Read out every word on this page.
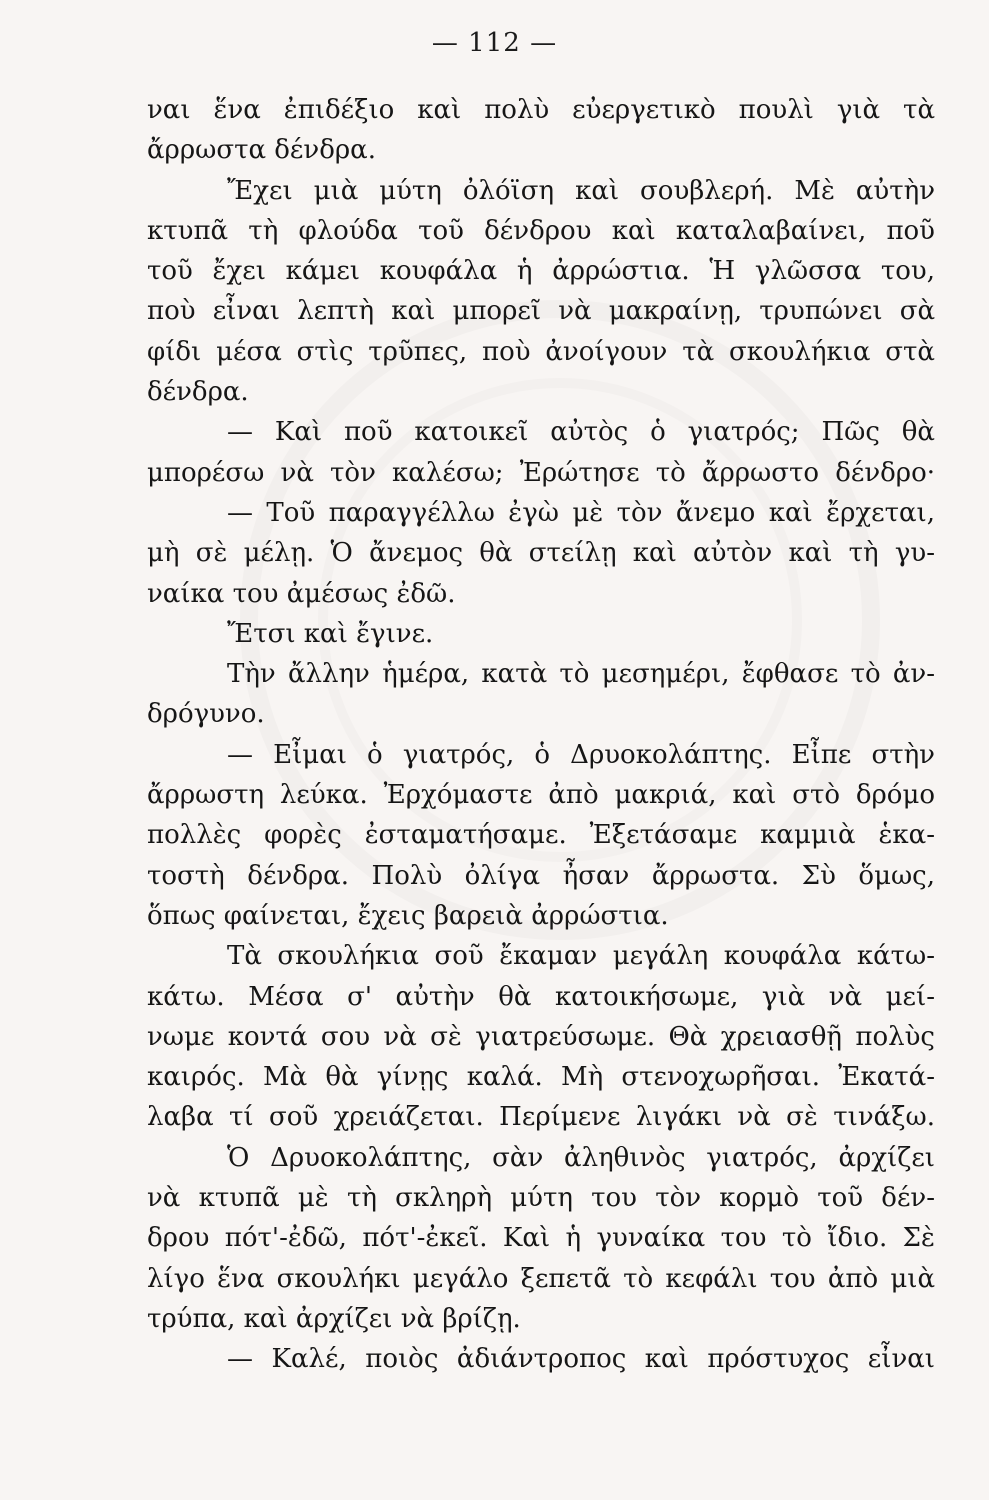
— 112 —
ναι ἕνα ἐπιδέξιο καὶ πολὺ εὐεργετικὸ πουλὶ γιὰ τὰ
ἄρρωστα δένδρα.
Ἔχει μιὰ μύτη ὀλόϊση καὶ σουβλερή. Μὲ αὐτὴν
κτυπᾶ τὴ φλούδα τοῦ δένδρου καὶ καταλαβαίνει, ποῦ
τοῦ ἔχει κάμει κουφάλα ἡ ἀρρώστια. Ἡ γλῶσσα του,
ποὺ εἶναι λεπτὴ καὶ μπορεῖ νὰ μακραίνῃ, τρυπώνει σὰ
φίδι μέσα στὶς τρῦπες, ποὺ ἀνοίγουν τὰ σκουλήκια στὰ
δένδρα.
— Καὶ ποῦ κατοικεῖ αὐτὸς ὁ γιατρός; Πῶς θὰ
μπορέσω νὰ τὸν καλέσω; Ἐρώτησε τὸ ἄρρωστο δένδρο·
— Τοῦ παραγγέλλω ἐγὼ μὲ τὸν ἄνεμο καὶ ἔρχεται,
μὴ σὲ μέλῃ. Ὁ ἄνεμος θὰ στείλῃ καὶ αὐτὸν καὶ τὴ γυ-
ναίκα του ἀμέσως ἐδῶ.
Ἔτσι καὶ ἔγινε.
Τὴν ἄλλην ἡμέρα, κατὰ τὸ μεσημέρι, ἔφθασε τὸ ἀν-
δρόγυνο.
— Εἶμαι ὁ γιατρός, ὁ Δρυοκολάπτης. Εἶπε στὴν
ἄρρωστη λεύκα. Ἐρχόμαστε ἀπὸ μακριά, καὶ στὸ δρόμο
πολλὲς φορὲς ἐσταματήσαμε. Ἐξετάσαμε καμμιὰ ἑκα-
τοστὴ δένδρα. Πολὺ ὀλίγα ἦσαν ἄρρωστα. Σὺ ὅμως,
ὅπως φαίνεται, ἔχεις βαρειὰ ἀρρώστια.
Τὰ σκουλήκια σοῦ ἔκαμαν μεγάλη κουφάλα κάτω-
κάτω. Μέσα σ' αὐτὴν θὰ κατοικήσωμε, γιὰ νὰ μεί-
νωμε κοντά σου νὰ σὲ γιατρεύσωμε. Θὰ χρειασθῇ πολὺς
καιρός. Μὰ θὰ γίνῃς καλά. Μὴ στενοχωρῆσαι. Ἐκατά-
λαβα τί σοῦ χρειάζεται. Περίμενε λιγάκι νὰ σὲ τινάξω.
Ὁ Δρυοκολάπτης, σὰν ἀληθινὸς γιατρός, ἀρχίζει
νὰ κτυπᾶ μὲ τὴ σκληρὴ μύτη του τὸν κορμὸ τοῦ δέν-
δρου πότ'-ἐδῶ, πότ'-ἐκεῖ. Καὶ ἡ γυναίκα του τὸ ἴδιο. Σὲ
λίγο ἕνα σκουλήκι μεγάλο ξεπετᾶ τὸ κεφάλι του ἀπὸ μιὰ
τρύπα, καὶ ἀρχίζει νὰ βρίζῃ.
— Καλέ, ποιὸς ἀδιάντροπος καὶ πρόστυχος εἶναι
